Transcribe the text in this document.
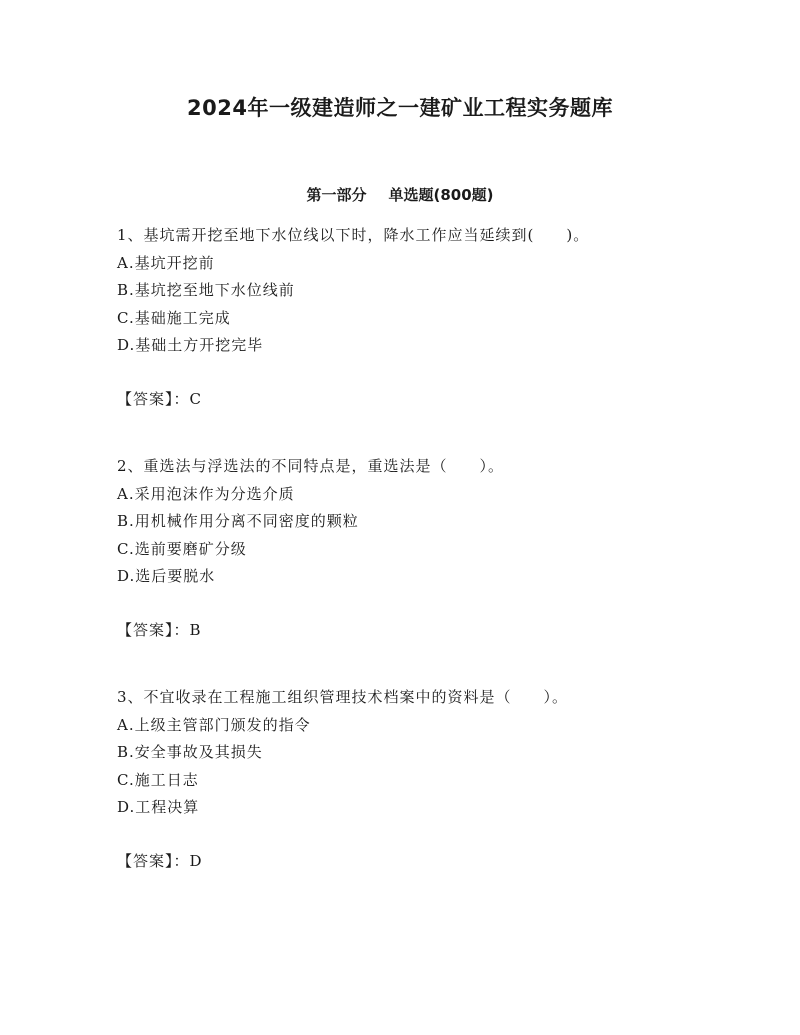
2024年一级建造师之一建矿业工程实务题库
第一部分 单选题(800题)
1、基坑需开挖至地下水位线以下时，降水工作应当延续到(　　)。
A.基坑开挖前
B.基坑挖至地下水位线前
C.基础施工完成
D.基础土方开挖完毕
【答案】：C
2、重选法与浮选法的不同特点是，重选法是（　　）。
A.采用泡沫作为分选介质
B.用机械作用分离不同密度的颗粒
C.选前要磨矿分级
D.选后要脱水
【答案】：B
3、不宜收录在工程施工组织管理技术档案中的资料是（　　）。
A.上级主管部门颁发的指令
B.安全事故及其损失
C.施工日志
D.工程决算
【答案】：D
